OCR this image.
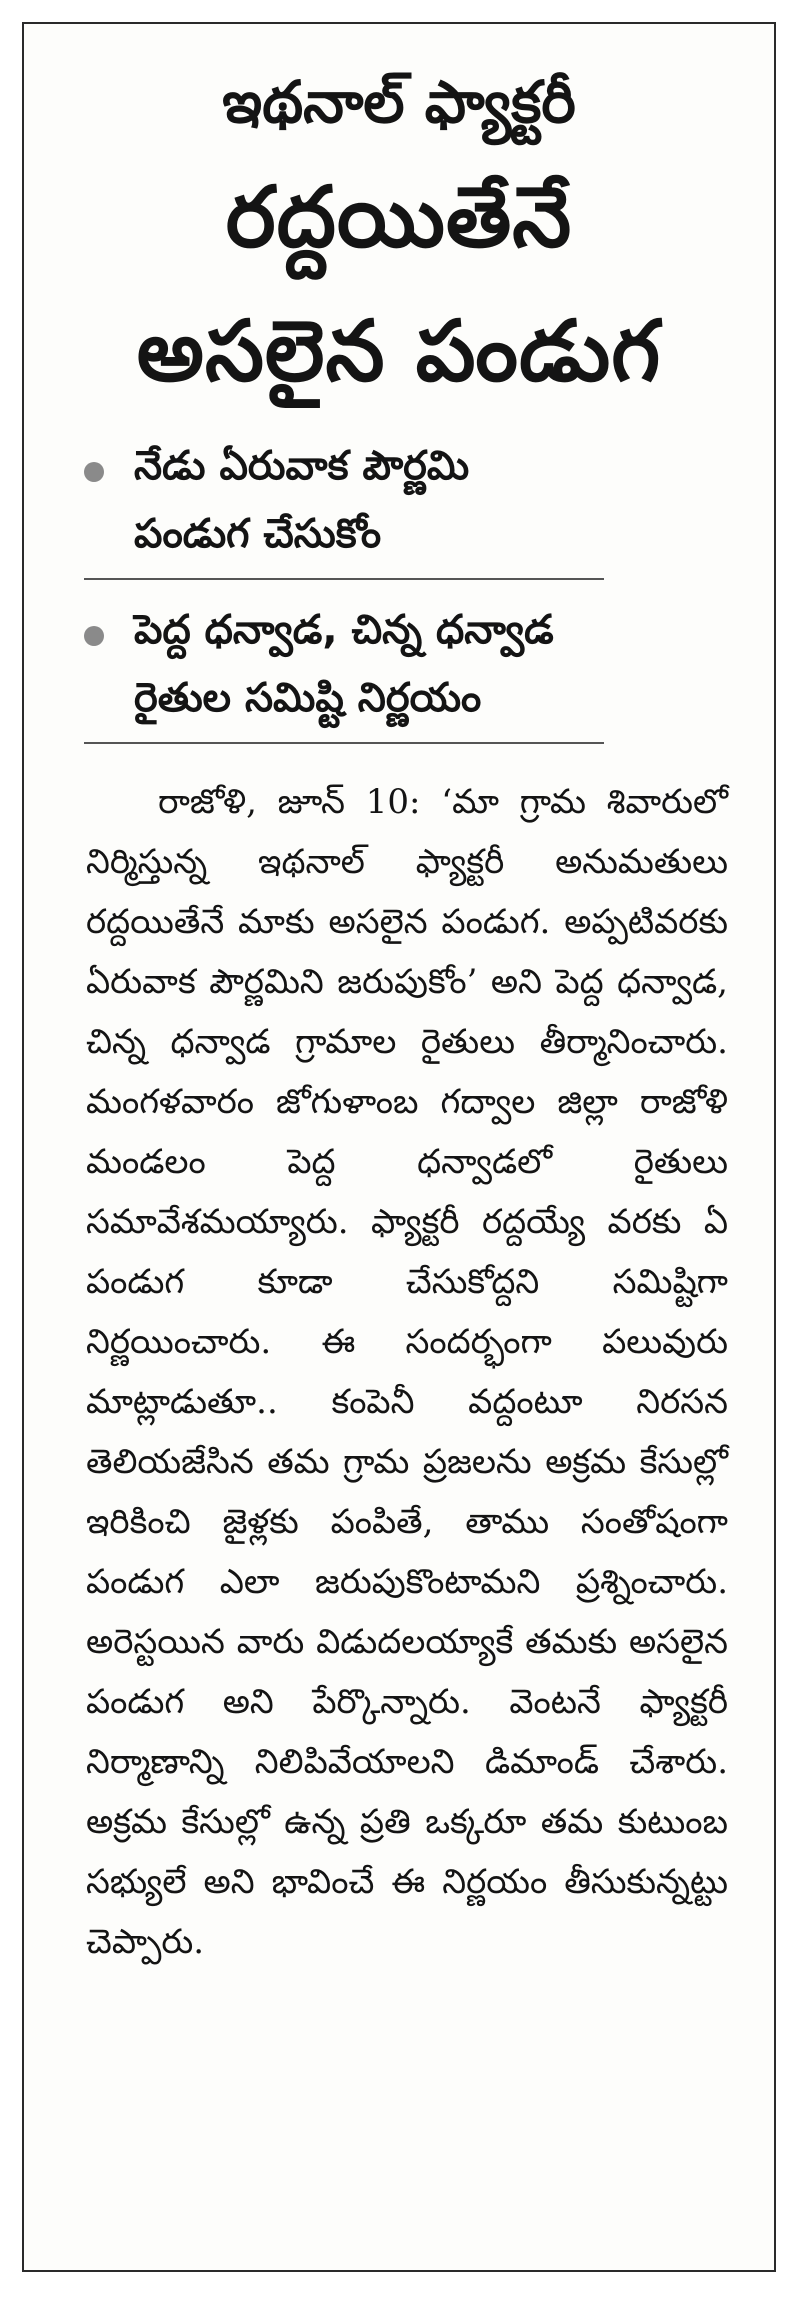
ఇథనాల్ ఫ్యాక్టరీ
రద్దయితేనే
అసలైన పండుగ
నేడు ఏరువాక పౌర్ణమి
పండుగ చేసుకోం
పెద్ద ధన్వాడ, చిన్న ధన్వాడ
రైతుల సమిష్టి నిర్ణయం

రాజోళి, జూన్ 10: ‘మా గ్రామ శివారులో నిర్మిస్తున్న ఇథనాల్ ఫ్యాక్టరీ అనుమతులు రద్దయితేనే మాకు అసలైన పండుగ. అప్పటివరకు ఏరువాక పౌర్ణమిని జరుపుకోం’ అని పెద్ద ధన్వాడ, చిన్న ధన్వాడ గ్రామాల రైతులు తీర్మానించారు. మంగళవారం జోగుళాంబ గద్వాల జిల్లా రాజోళి మండలం పెద్ద ధన్వాడలో రైతులు సమావేశమయ్యారు. ఫ్యాక్టరీ రద్దయ్యే వరకు ఏ పండుగ కూడా చేసుకోద్దని సమిష్టిగా నిర్ణయించారు. ఈ సందర్భంగా పలువురు మాట్లాడుతూ.. కంపెనీ వద్దంటూ నిరసన తెలియజేసిన తమ గ్రామ ప్రజలను అక్రమ కేసుల్లో ఇరికించి జైళ్లకు పంపితే, తాము సంతోషంగా పండుగ ఎలా జరుపుకొంటామని ప్రశ్నించారు. అరెస్టయిన వారు విడుదలయ్యాకే తమకు అసలైన పండుగ అని పేర్కొన్నారు. వెంటనే ఫ్యాక్టరీ నిర్మాణాన్ని నిలిపివేయాలని డిమాండ్ చేశారు. అక్రమ కేసుల్లో ఉన్న ప్రతి ఒక్కరూ తమ కుటుంబ సభ్యులే అని భావించే ఈ నిర్ణయం తీసుకున్నట్టు చెప్పారు.
